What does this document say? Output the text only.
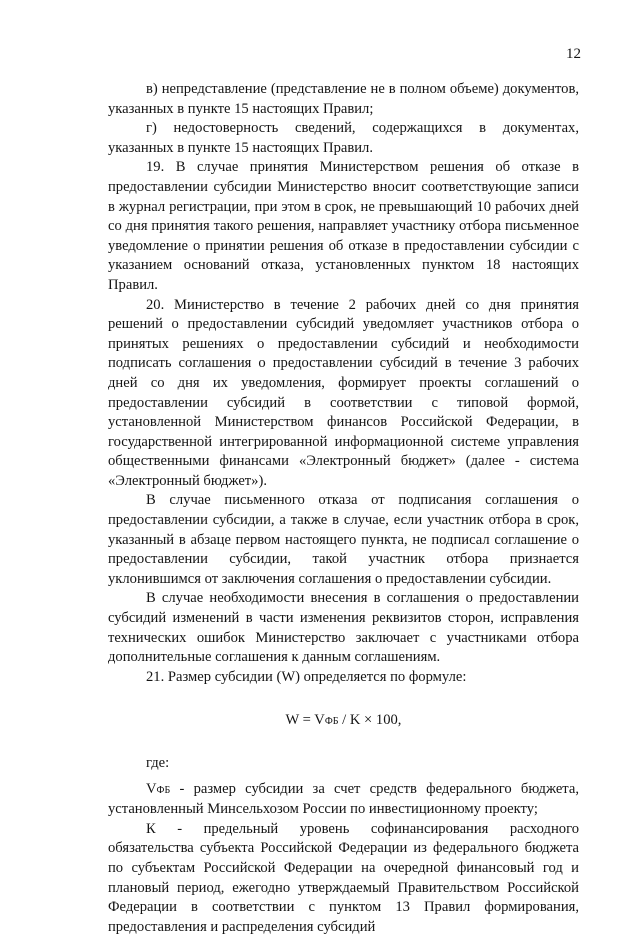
12

в) непредставление (представление не в полном объеме) документов, указанных в пункте 15 настоящих Правил;

г) недостоверность сведений, содержащихся в документах, указанных в пункте 15 настоящих Правил.

19. В случае принятия Министерством решения об отказе в предоставлении субсидии Министерство вносит соответствующие записи в журнал регистрации, при этом в срок, не превышающий 10 рабочих дней со дня принятия такого решения, направляет участнику отбора письменное уведомление о принятии решения об отказе в предоставлении субсидии с указанием оснований отказа, установленных пунктом 18 настоящих Правил.

20. Министерство в течение 2 рабочих дней со дня принятия решений о предоставлении субсидий уведомляет участников отбора о принятых решениях о предоставлении субсидий и необходимости подписать соглашения о предоставлении субсидий в течение 3 рабочих дней со дня их уведомления, формирует проекты соглашений о предоставлении субсидий в соответствии с типовой формой, установленной Министерством финансов Российской Федерации, в государственной интегрированной информационной системе управления общественными финансами «Электронный бюджет» (далее - система «Электронный бюджет»).

В случае письменного отказа от подписания соглашения о предоставлении субсидии, а также в случае, если участник отбора в срок, указанный в абзаце первом настоящего пункта, не подписал соглашение о предоставлении субсидии, такой участник отбора признается уклонившимся от заключения соглашения о предоставлении субсидии.

В случае необходимости внесения в соглашения о предоставлении субсидий изменений в части изменения реквизитов сторон, исправления технических ошибок Министерство заключает с участниками отбора дополнительные соглашения к данным соглашениям.

21. Размер субсидии (W) определяется по формуле:

W = VФБ / K × 100,

где:

VФБ - размер субсидии за счет средств федерального бюджета, установленный Минсельхозом России по инвестиционному проекту;

К - предельный уровень софинансирования расходного обязательства субъекта Российской Федерации из федерального бюджета по субъектам Российской Федерации на очередной финансовый год и плановый период, ежегодно утверждаемый Правительством Российской Федерации в соответствии с пунктом 13 Правил формирования, предоставления и распределения субсидий
